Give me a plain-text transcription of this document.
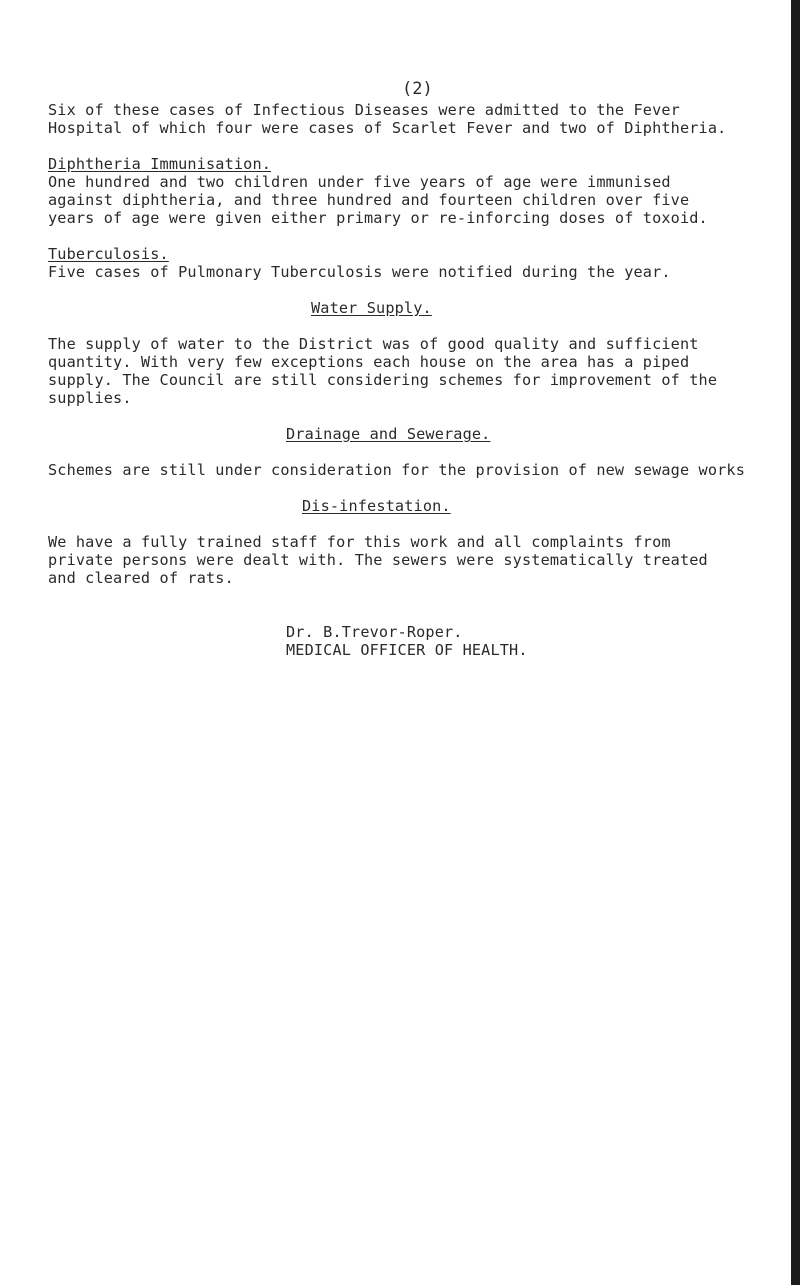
(2)
Six of these cases of Infectious Diseases were admitted to the Fever
Hospital of which four were cases of Scarlet Fever and two of Diphtheria.
Diphtheria Immunisation.
One hundred and two children under five years of age were immunised
against diphtheria, and three hundred and fourteen children over five
years of age were given either primary or re-inforcing doses of toxoid.
Tuberculosis.
Five cases of Pulmonary Tuberculosis were notified during the year.
Water Supply.
The supply of water to the District was of good quality and sufficient
quantity. With very few exceptions each house on the area has a piped
supply. The Council are still considering schemes for improvement of the
supplies.
Drainage and Sewerage.
Schemes are still under consideration for the provision of new sewage works
Dis-infestation.
We have a fully trained staff for this work and all complaints from
private persons were dealt with. The sewers were systematically treated
and cleared of rats.
Dr. B.Trevor-Roper.
MEDICAL OFFICER OF HEALTH.
